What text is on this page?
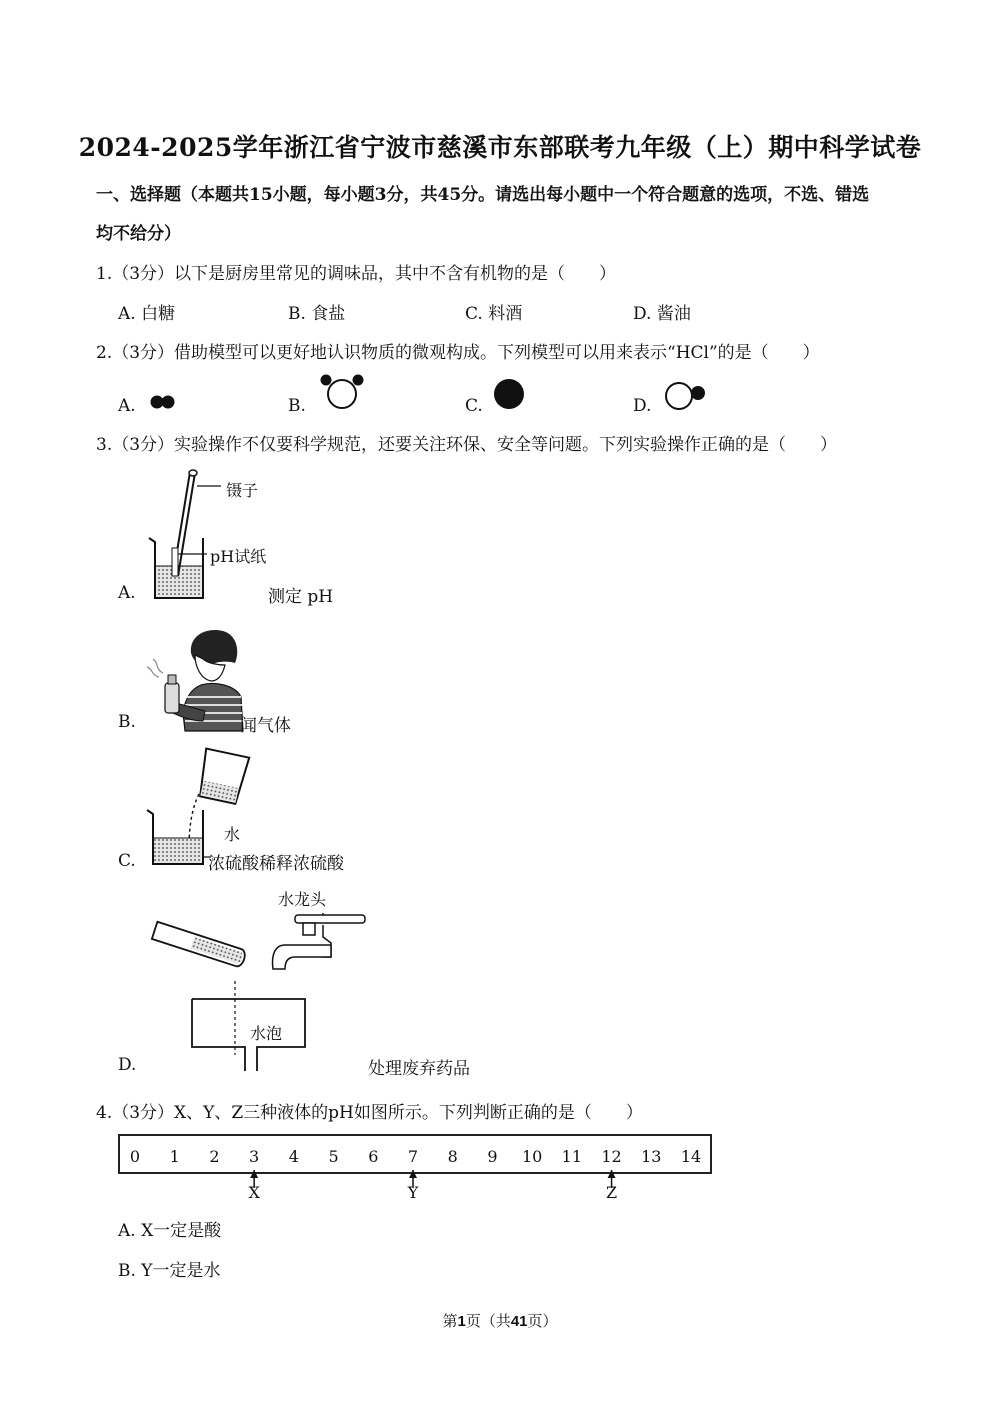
2024-2025学年浙江省宁波市慈溪市东部联考九年级（上）期中科学试卷
一、选择题（本题共15小题，每小题3分，共45分。请选出每小题中一个符合题意的选项，不选、错选
均不给分）
1.（3分）以下是厨房里常见的调味品，其中不含有机物的是（　　）
A. 白糖	B. 食盐	C. 料酒	D. 酱油
2.（3分）借助模型可以更好地认识物质的微观构成。下列模型可以用来表示“HCl”的是（　　）
A.	B.	C.	D.
3.（3分）实验操作不仅要科学规范，还要关注环保、安全等问题。下列实验操作正确的是（　　）
镊子
pH试纸
A.	测定 pH
B.	闻气体
水
C.	浓硫酸稀释浓硫酸
水龙头
水泡
D.	处理废弃药品
4.（3分）X、Y、Z三种液体的pH如图所示。下列判断正确的是（　　）
0	1	2	3	4	5	6	7	8	9	10	11	12	13	14
X	Y	Z
A. X一定是酸
B. Y一定是水
第1页（共41页）
